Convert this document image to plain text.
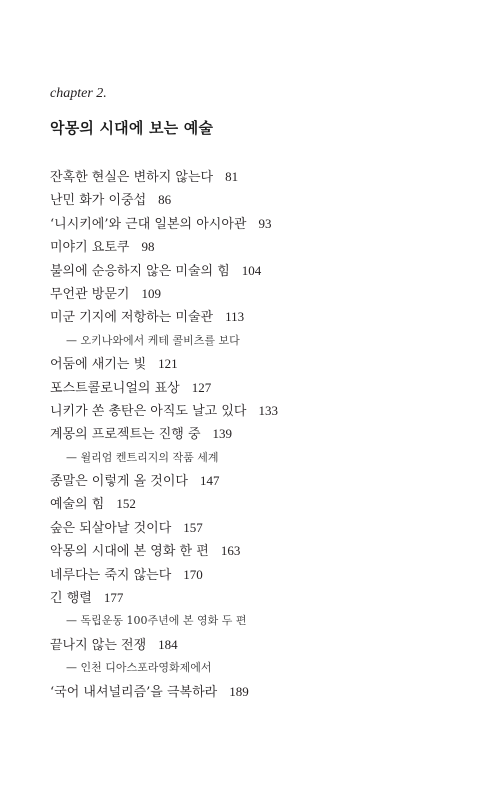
chapter 2.
악몽의 시대에 보는 예술
잔혹한 현실은 변하지 않는다 81
난민 화가 이중섭 86
‘니시키에’와 근대 일본의 아시아관 93
미야기 요토쿠 98
불의에 순응하지 않은 미술의 힘 104
무언관 방문기 109
미군 기지에 저항하는 미술관 113
— 오키나와에서 케테 콜비츠를 보다
어둠에 새기는 빛 121
포스트콜로니얼의 표상 127
니키가 쏜 총탄은 아직도 날고 있다 133
계몽의 프로젝트는 진행 중 139
— 윌리엄 켄트리지의 작품 세계
종말은 이렇게 올 것이다 147
예술의 힘 152
숲은 되살아날 것이다 157
악몽의 시대에 본 영화 한 편 163
네루다는 죽지 않는다 170
긴 행렬 177
— 독립운동 100주년에 본 영화 두 편
끝나지 않는 전쟁 184
— 인천 디아스포라영화제에서
‘국어 내셔널리즘’을 극복하라 189
